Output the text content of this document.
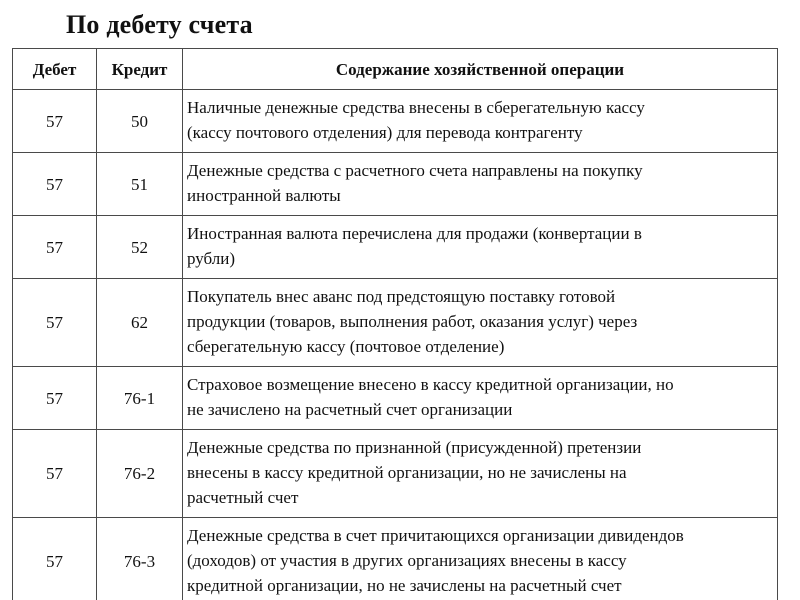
По дебету счета
Дебет	Кредит	Содержание хозяйственной операции
57	50	Наличные денежные средства внесены в сберегательную кассу
(кассу почтового отделения) для перевода контрагенту

57	51	Денежные средства с расчетного счета направлены на покупку
иностранной валюты

57	52	Иностранная валюта перечислена для продажи (конвертации в
рубли)

57	62	Покупатель внес аванс под предстоящую поставку готовой
продукции (товаров, выполнения работ, оказания услуг) через
сберегательную кассу (почтовое отделение)

57	76-1	Страховое возмещение внесено в кассу кредитной организации, но
не зачислено на расчетный счет организации

57	76-2	Денежные средства по признанной (присужденной) претензии
внесены в кассу кредитной организации, но не зачислены на
расчетный счет

57	76-3	Денежные средства в счет причитающихся организации дивидендов
(доходов) от участия в других организациях внесены в кассу
кредитной организации, но не зачислены на расчетный счет
